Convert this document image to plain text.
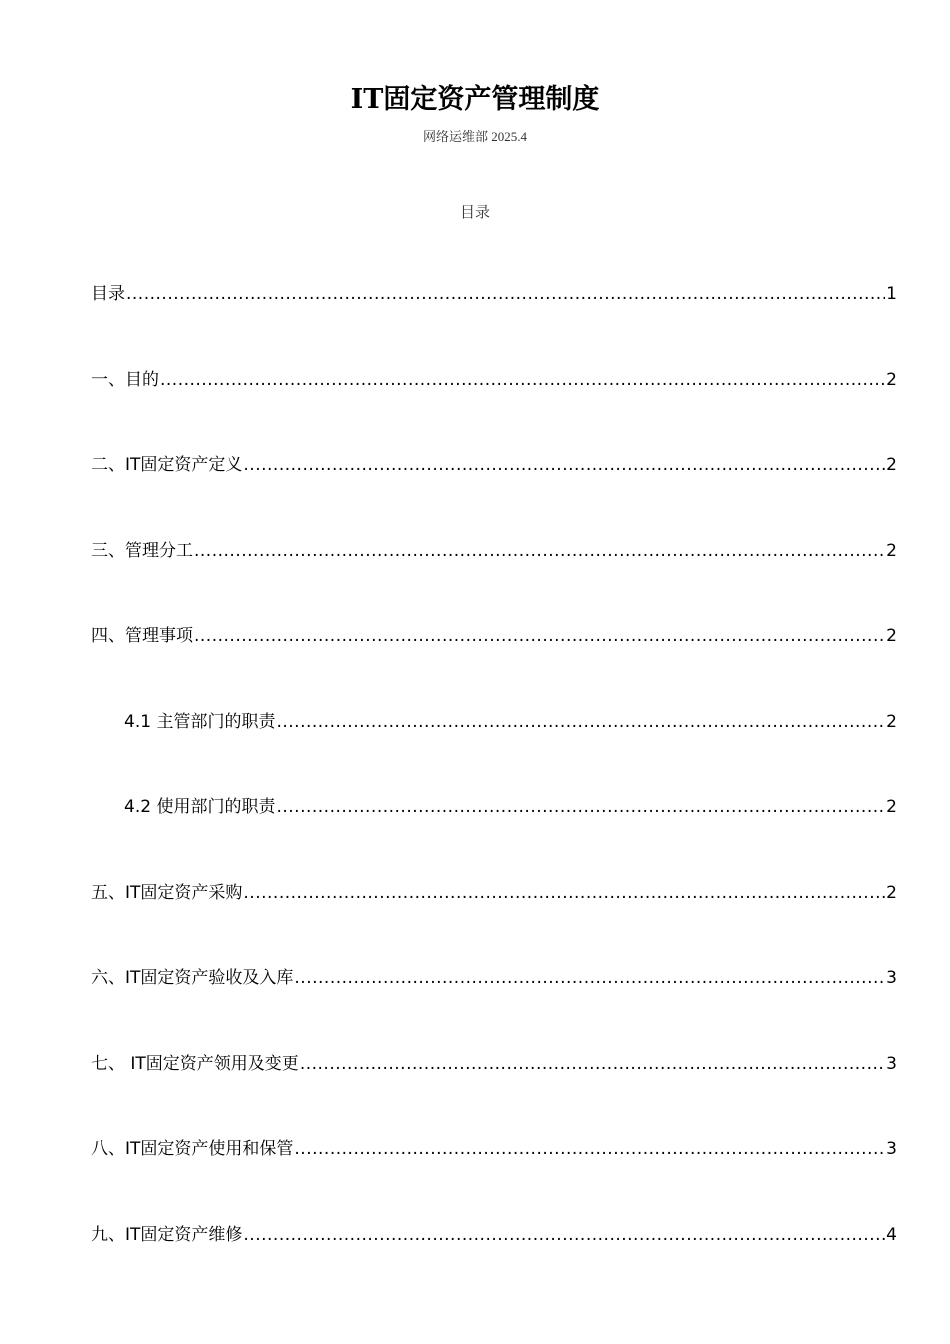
IT固定资产管理制度
网络运维部 2025.4
目录
目录 .....	1
一、目的 .....	2
二、IT固定资产定义 .....	2
三、管理分工 .....	2
四、管理事项 .....	2
4.1 主管部门的职责 .....	2
4.2 使用部门的职责 .....	2
五、IT固定资产采购 .....	2
六、IT固定资产验收及入库 .....	3
七、 IT固定资产领用及变更 .....	3
八、IT固定资产使用和保管 .....	3
九、IT固定资产维修 .....	4
